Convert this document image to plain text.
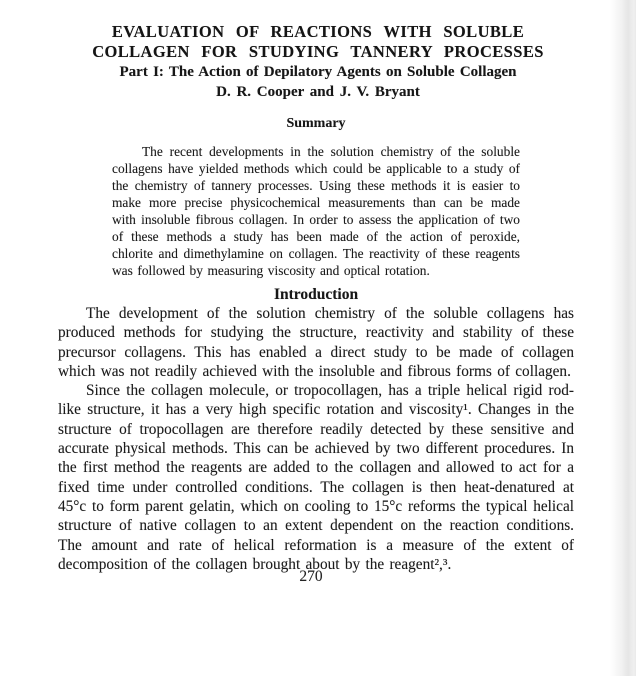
EVALUATION OF REACTIONS WITH SOLUBLE
COLLAGEN FOR STUDYING TANNERY PROCESSES
Part I: The Action of Depilatory Agents on Soluble Collagen
D. R. Cooper and J. V. Bryant
Summary

The recent developments in the solution chemistry of the soluble collagens have yielded methods which could be applicable to a study of the chemistry of tannery processes. Using these methods it is easier to make more precise physicochemical measurements than can be made with insoluble fibrous collagen. In order to assess the application of two of these methods a study has been made of the action of peroxide, chlorite and dimethylamine on collagen. The reactivity of these reagents was followed by measuring viscosity and optical rotation.

Introduction

The development of the solution chemistry of the soluble collagens has produced methods for studying the structure, reactivity and stability of these precursor collagens. This has enabled a direct study to be made of collagen which was not readily achieved with the insoluble and fibrous forms of collagen.

Since the collagen molecule, or tropocollagen, has a triple helical rigid rod-like structure, it has a very high specific rotation and viscosity¹. Changes in the structure of tropocollagen are therefore readily detected by these sensitive and accurate physical methods. This can be achieved by two different procedures. In the first method the reagents are added to the collagen and allowed to act for a fixed time under controlled conditions. The collagen is then heat-denatured at 45°c to form parent gelatin, which on cooling to 15°c reforms the typical helical structure of native collagen to an extent dependent on the reaction conditions. The amount and rate of helical reformation is a measure of the extent of decomposition of the collagen brought about by the reagent²,³.

270
